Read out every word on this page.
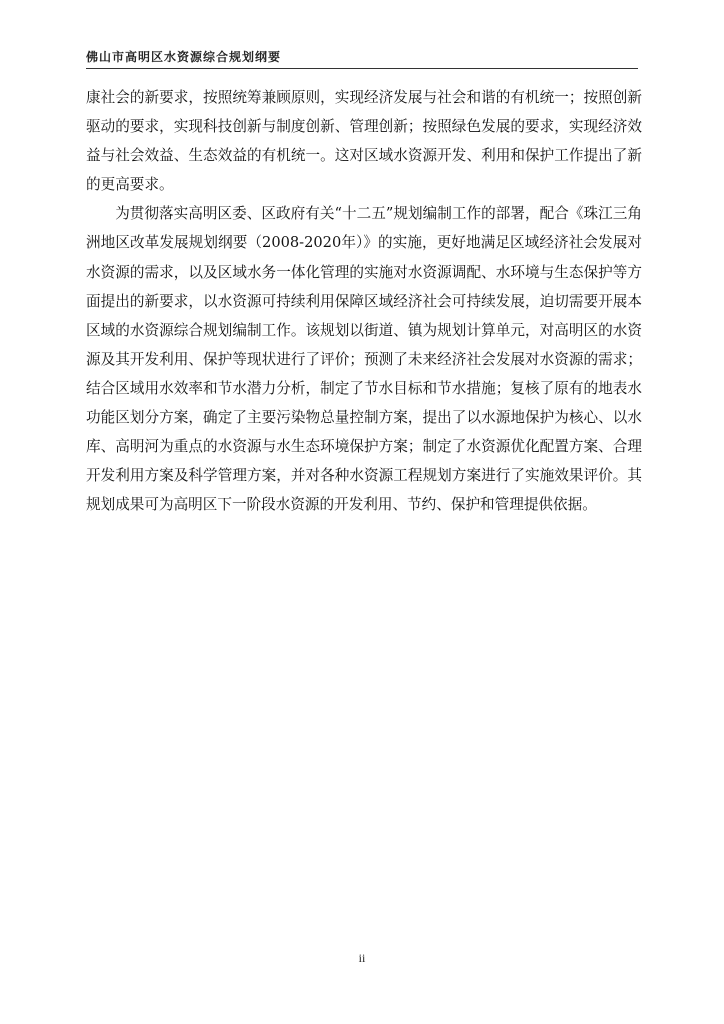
佛山市高明区水资源综合规划纲要

康社会的新要求，按照统筹兼顾原则，实现经济发展与社会和谐的有机统一；按照创新驱动的要求，实现科技创新与制度创新、管理创新；按照绿色发展的要求，实现经济效益与社会效益、生态效益的有机统一。这对区域水资源开发、利用和保护工作提出了新的更高要求。

为贯彻落实高明区委、区政府有关“十二五”规划编制工作的部署，配合《珠江三角洲地区改革发展规划纲要（2008-2020年）》的实施，更好地满足区域经济社会发展对水资源的需求，以及区域水务一体化管理的实施对水资源调配、水环境与生态保护等方面提出的新要求，以水资源可持续利用保障区域经济社会可持续发展，迫切需要开展本区域的水资源综合规划编制工作。该规划以街道、镇为规划计算单元，对高明区的水资源及其开发利用、保护等现状进行了评价；预测了未来经济社会发展对水资源的需求；结合区域用水效率和节水潜力分析，制定了节水目标和节水措施；复核了原有的地表水功能区划分方案，确定了主要污染物总量控制方案，提出了以水源地保护为核心、以水库、高明河为重点的水资源与水生态环境保护方案；制定了水资源优化配置方案、合理开发利用方案及科学管理方案，并对各种水资源工程规划方案进行了实施效果评价。其规划成果可为高明区下一阶段水资源的开发利用、节约、保护和管理提供依据。

ii
